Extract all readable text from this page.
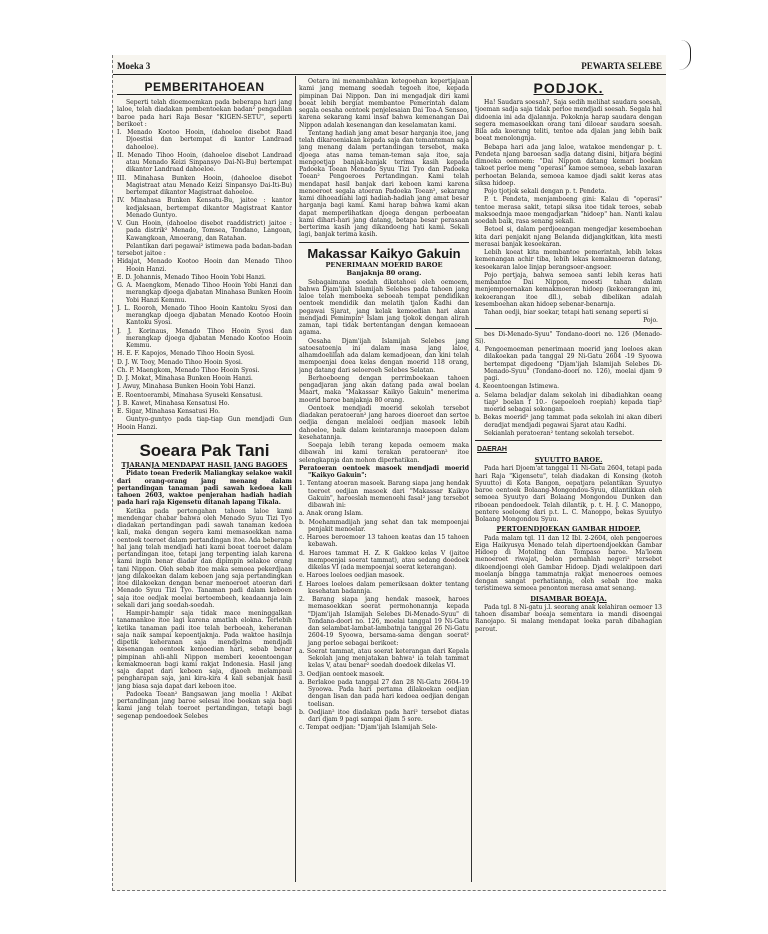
Moeka 3	PEWARTA SELEBE
PEMBERITAHOEAN

Seperti telah dioemoemkan pada beberapa hari jang laloe, telah diadakan pembentoekan badan² pengadilan baroe pada hari Raja Besar "KIGEN-SETU", seperti berikoet :

I. Menado Kootoo Hooin, (dahoeloe disebot Raad Djoestisi dan bertempat di kantor Landraad dahoeloe).
II. Menado Tihoo Hooin, (dahoeloe disebot Landraad atau Menado Keizi Sinpansyo Dai-Ni-Bu) bertempat dikantor Landraad dahoeloe.
III. Minahasa Bunken Hooin, (dahoeloe disebot Magistraat atau Menado Keizi Sinpansyo Dai-Iti-Bu) bertempat dikantor Magistraat dahoeloe.
IV. Minahasa Bunken Kensatu-Bu, jaitoe : kantor kedjaksaan, bertempat dikantor Magistraat Kantor Menado Guntyo.
V. Gun Hooin, (dahoeloe disebot raaddistrict) jaitoe : pada distrik² Menado, Tomsea, Tondano, Langoan, Kawangkoan, Amoerang, dan Ratahan.

Pelantikan dari pegawai² istimewa pada badan-badan tersebot jaitoe :

Hidajat, Menado Kootoo Hooin dan Menado Tihoo Hooin Hanzi.
E. D. Johannis, Menado Tihoo Hooin Yobi Hanzi.
G. A. Maengkom, Menado Tihoo Hooin Yobi Hanzi dan merangkap djoega djabatan Minahasa Bunken Hooin Yobi Hanzi Kemmu.
J. L. Rooroh, Menado Tihoo Hooin Kantoku Syosi dan merangkap djoega djabatan Menado Kootoo Hooin Kantoku Syosi.
J. J. Korinaus, Menado Tihoo Hooin Syosi dan merangkap djoega djabatan Menado Kootoo Hooin Kemmu.
H. E. F. Kapojos, Menado Tihoo Hooin Syosi.
D. J. W. Tooy, Menado Tihoo Hooin Syosi.
Ch. P. Maengkom, Menado Tihoo Hooin Syosi.
D. J. Mokat, Minahasa Bunken Hooin Hanzi.
J. Awuy, Minahasa Bunken Hooin Yobi Hanzi.
E. Roentoerambi, Minahasa Syuseki Kensatusi.
J. B. Kawet, Minahasa Kensatusi Ho.
E. Sigar, Minahasa Kensatusi Ho.

Guntyo-guntyo pada tiap-tiap Gun mendjadi Gun Hooin Hanzi.

Soeara Pak Tani
TJARANJA MENDAPAT HASIL JANG BAGOES

Pidato toean Frederik Maliangkay selakoe wakil dari orang-orang jang menang dalam pertandingan tanaman padi sawah kedoea kali tahoen 2603, waktoe penjerahan hadiah hadiah pada hari raja Kigensetu ditanah lapang Tikala.

Ketika pada pertengahan tahoen laloe kami mendengar chabar bahwa oleh Menado Syuu Tizi Tyo diadakan pertandingan padi sawah tanaman kedoea kali, maka dengan segera kami memasoekkan nama oentoek toeroet dalam pertandingan itoe. Ada beberapa hal jang telah mendjadi hati kami boeat toeroet dalam pertandingan itoe, tetapi jang terpenting ialah karena kami ingin benar diadar dan dipimpin selakoe orang tani Nippon. Oleh sebab itoe maka semoea pekerdjaan jang dilakoekan dalam keboen jang saja pertandingkan itoe dilakoekan dengan benar menoeroet atoeran dari Menado Syuu Tizi Tyo. Tanaman padi dalam keboen saja itoe oedjak moelai bertoembeeh, keadaannja lain sekali dari jang soedah-soedah.

Hampir-hampir saja tidak mace meninggalkan tanamankoe itoe lagi karena amatlah elokna. Terlebih ketika tanaman padi itoe telah berboeah, keheranan saja naik sampai kepoentjaknja. Pada waktoe hasilnja dipetik keheranan saja mendjelma mendjadi kesenangan oentoek kemoedian hari, sebab benar pimpinan ahli-ahli Nippon memberi keoentoengan kemakmoeran bagi kami rakjat Indonesia. Hasil jang saja dapat dari keboen saja, djaoeh melampaui pengharapan saja, jani kira-kira 4 kali sebanjak hasil jang biasa saja dapat dari keboen itoe.

Padoeka Toean² Bangsawan jang moelia ! Akibat pertandingan jang baroe selesai itoe boekan saja bagi kami jang telah toeroet pertandingan, tetapi bagi segenap pendoedoek Selebes

Oetara ini menambahkan ketegoehan kepertjajaan kami jang memang soedah tegoeh itoe, kepada pimpinan Dai Nippon. Dan ini mengadjak diri kami boeat lebih bergiat membantoe Pemerintah dalam segala oesaha oentoek penjelesaian Dai Toa-A Sensoo, karena sekarang kami insaf bahwa kemenangan Dai Nippon adalah kesenangan dan keselamatan kami.

Tentang hadiah jang amat besar harganja itoe, jang telah dikaroeniakan kepada saja dan temanteman saja jang menang dalam pertandingan tersebot, maka djoega atas nama teman-teman saja itoe, saja mengoetjap banjak-banjak terima kasih kepada Padoeka Toean Menado Syuu Tizi Tyo dan Padoeka Toean² Pengoeroes Pertandingan. Kami telah mendapat hasil banjak dari keboen kami karena menoeroet segala atoeran Padoeka Toean², sekarang kami dihoeadiahi lagi hadiah-hadiah jang amat besar harganja bagi kami. Kami harap bahwa kami akan dapat memperlihatkan djoega dengan perboeatan kami dihari-hari jang datang, betapa besar perasaan berterima kasih jang dikandoeng hati kami. Sekali lagi, banjak terima kasih.

Makassar Kaikyo Gakuin
PENERIMAAN MOERID BAROE
Banjaknja 80 orang.

Sebagaimana soedah diketahoei oleh oemoem, bahwa Djam'ijah Islamijah Selebes pada tahoen jang laloe telah memboeka seboeah tempat pendidikan oentoek mendidik dan melatih tjalon Kadhi dan pegawai Sjarat, jang kelak kemoedian hari akan mendjadi Pemimpin² Islam jang tjokok dengan alirah zaman, tapi tidak bertentangan dengan kemaoean agama.

Oesaha Djam'ijah Islamijah Selebes jang satoesatoenja ini dalam masa jang laloe, alhamdoelillah ada dalam kemadjoean, dan kini telah mempoenjai doea kelas dengan moerid 118 orang, jang datang dari seloeroeh Selebes Selatan.

Berhoeboeng dengan perrimboekaan tahoen pengadjaran jang akan datang pada awal boelan Maart, maka "Makassar Kaikyo Gakuin" menerima moerid baroe banjaknja 80 orang.

Oentoek mendjadi moerid sekolah tersebot diadakan peratoeran² jang haroes dioeroet dan sertoe oedjia dengan melaloei oedjian masoek lebih dahoeloe, baik dalam keintarannja maoepoen dalam kesehatannja.

Soepaja lebih terang kepada oemoem maka dibawah ini kami terakan peratoeran² itoe selengkapnja dan mohon diperhatikan.

Peratoeran oentoek masoek mendjadi moerid "Kaikyo Gakuin":
1. Tentang atoeran masoek. Barang siapa jang hendak toeroet oedjian masoek dari "Makassar Kaikyo Gakuin", haroeslah memenoehi fasal² jang tersebot dibawah ini:
a. Anak orang Islam.
b. Moehammadijah jang sehat dan tak mempoenjai penjakit menoelar.
c. Haroes beroemoer 13 tahoen keatas dan 15 tahoen kebawah.
d. Haroes tammat H. Z. K Gakkoo kelas V (jaitoe mempoenjai soerat tammat), atau sedang doedoek dikelas VI (ada mempoenjai soerat keterangan).
e. Haroes loeloes oedjian masoek.
f. Haroes loeloes dalam pemeriksaan dokter tentang kesehatan badannja.
2. Barang siapa jang hendak masoek, haroes memasoekkan soerat permohonannja kepada "Djam'ijah Islamijah Selebes Di-Menado-Syuu" di Tondano-doori no. 126, moelai tanggal 19 Ni-Gatu dan selambat-lambat-lambatnja tanggal 26 Ni-Gatu 2604-19 Syoowa, bersama-sama dengan soerat² jang perloe sebagai berikoet:
a. Soerat tammat, atau soerat keterangan dari Kepala Sekolah jang menjatakan bahwa¹ ia telah tammat kelas V, atau benar² soedah doedoek dikelas VI.
3. Oedjian oentoek masoek.
a. Berlakoe pada tanggal 27 dan 28 Ni-Gatu 2604-19 Syoowa. Pada hari pertama dilakoekan oedjian dengan lisan dan pada hari kedoea oedjian dengan toelisan.
b. Oedjian² itoe diadakan pada hari² tersebot diatas dari djam 9 pagi sampai djam 5 sore.
c. Tempat oedjian: "Djam'ijah Islamijah Sele-
PODJOK.

Ha! Saudara soesah?, Saja sedih melihat saudara soesah, tjoeman sadja saja tidak perloe mendjadi soesah. Segala hal didoenia ini ada djalannja. Pokoknja harap saudara dengan segera memasoekkan orang tani diloear saudara soesah. Bila ada koerang teliti, tentoe ada djalan jang lebih baik boeat menolongnja.

Bebapa hari ada jang laloe, watakoe mendengar p. t. Pendeta njang baroesan sadja datang disini, bitjara begini dimoeka oemoem: "Dai Nippon datang kemari boekan takoet perloe meng "operasi" kamoe semoea, sebab laxaran perhoetan Belanda, semoea kamoe djadi sakit keras atas siksa hidoep.

Pojo tjotjok sekali dengan p. t. Pendeta.

P. t. Pendeta, menjamboeng gini: Kalau di "operasi" tentoe merasa sakit, tetapi siksa itoe tidak teroes, sebab maksoednja maoe mengadjarkan "hidoep" han. Nanti kalau soedah baik, rasa senang sekali.

Betoel si, dalam perdjoeangan mengedjar kesemboehan kita dari penjakit njang Belanda didjangkitkan, kita mesti merasai banjak kesoekaran.

Lebih koeat kita membantoe pemerintah, lebih lekas kemenangan achir tiba, lebih lekas kemakmoeran datang, kesoekaran laloe linjap berangsoer-angsoer.

Pojo pertjaja, bahwa semoea santi lebih keras hati membantoe Dai Nippon, moesti tahan dalam menjempoernakan kemakmoeran hidoep (kekoerangan ini, kekoerangan itoe dll.), sebab dibelikan adalah kesemboehan akan hidoep sebenar-benarnja.

Tahan oedji, biar soekar, tetapi hati senang seperti si

Pojo.

bes Di-Menado-Syuu" Tondano-doori no. 126 (Menado-Si).

4. Pengoemoeman penerimaan moerid jang loeloes akan dilakoekan pada tanggal 29 Ni-Gatu 2604 -19 Syoowa bertempat digedoeng "Djam'ijah Islamijah Selebes Di-Menado-Syuu" (Tondano-doori no. 126), moelai djam 9 pagi.
4. Keoentoengan Istimewa.
a. Selama beladjar dalam sekolah ini dibadiahkan oeang tiap² boelan f 10.- (sepoeloeh roepiah) kepada tiap² moerid sebagai sokongan.
b. Bekas moerid² jang tammat pada sekolah ini akan diberi deradjat mendjadi pegawai Sjarat atau Kadhi.

Sekianlah peratoeran² tentang sekolah tersebot.

DAERAH
SYUUTTO BAROE.

Pada hari Djoem'at tanggal 11 Ni-Gatu 2604, tetapi pada hari Raja "Kigensetu", telah diadakan di Konsing (kotoh Syuutto) di Kota Bangon, oepatjara pelantikan Syuutyo baroe oentoek Bolaang-Mongondou-Syuu, dilantikkan oleh semoea Syuutyo dari Bolaang Mongondou Dunken dan riboean pendoedoek. Telah dilantik, p. t. H. J. C. Manoppo, pentere soeloeng dari p.t. L. C. Manoppo, bekas Syuutyo Bolaang Mongondou Syuu.

PERTOENDJOEKAN GAMBAR HIDOEP.

Pada malam tgl. 11 dan 12 Ibl. 2-2604, oleh pengoeroes Eiga Haikyusya Menado telah dipertoendjoekkan Gambar Hidoep di Motoling dan Tompaso baroe. Ma'loem menoeroet riwajat, belon pernahlah negeri² tersebot dikoendjoengi oleh Gambar Hidoep. Djadi welakipoen dari moelanja bingga tammatnja rakjat menoeroes oemoes dengan sangat perhatiannja, oleh sebab itoe maka teristimewa semoea penonton merasa amat senang.

DISAMBAR BOEAJA.

Pada tgl. 8 Ni-gatu j.l. seorang anak kelahiran oemoer 13 tahoen disambar boeaja sementara ia mandi disoengai Ranojapo. Si malang mendapat loeka parah dibahagian perout.
